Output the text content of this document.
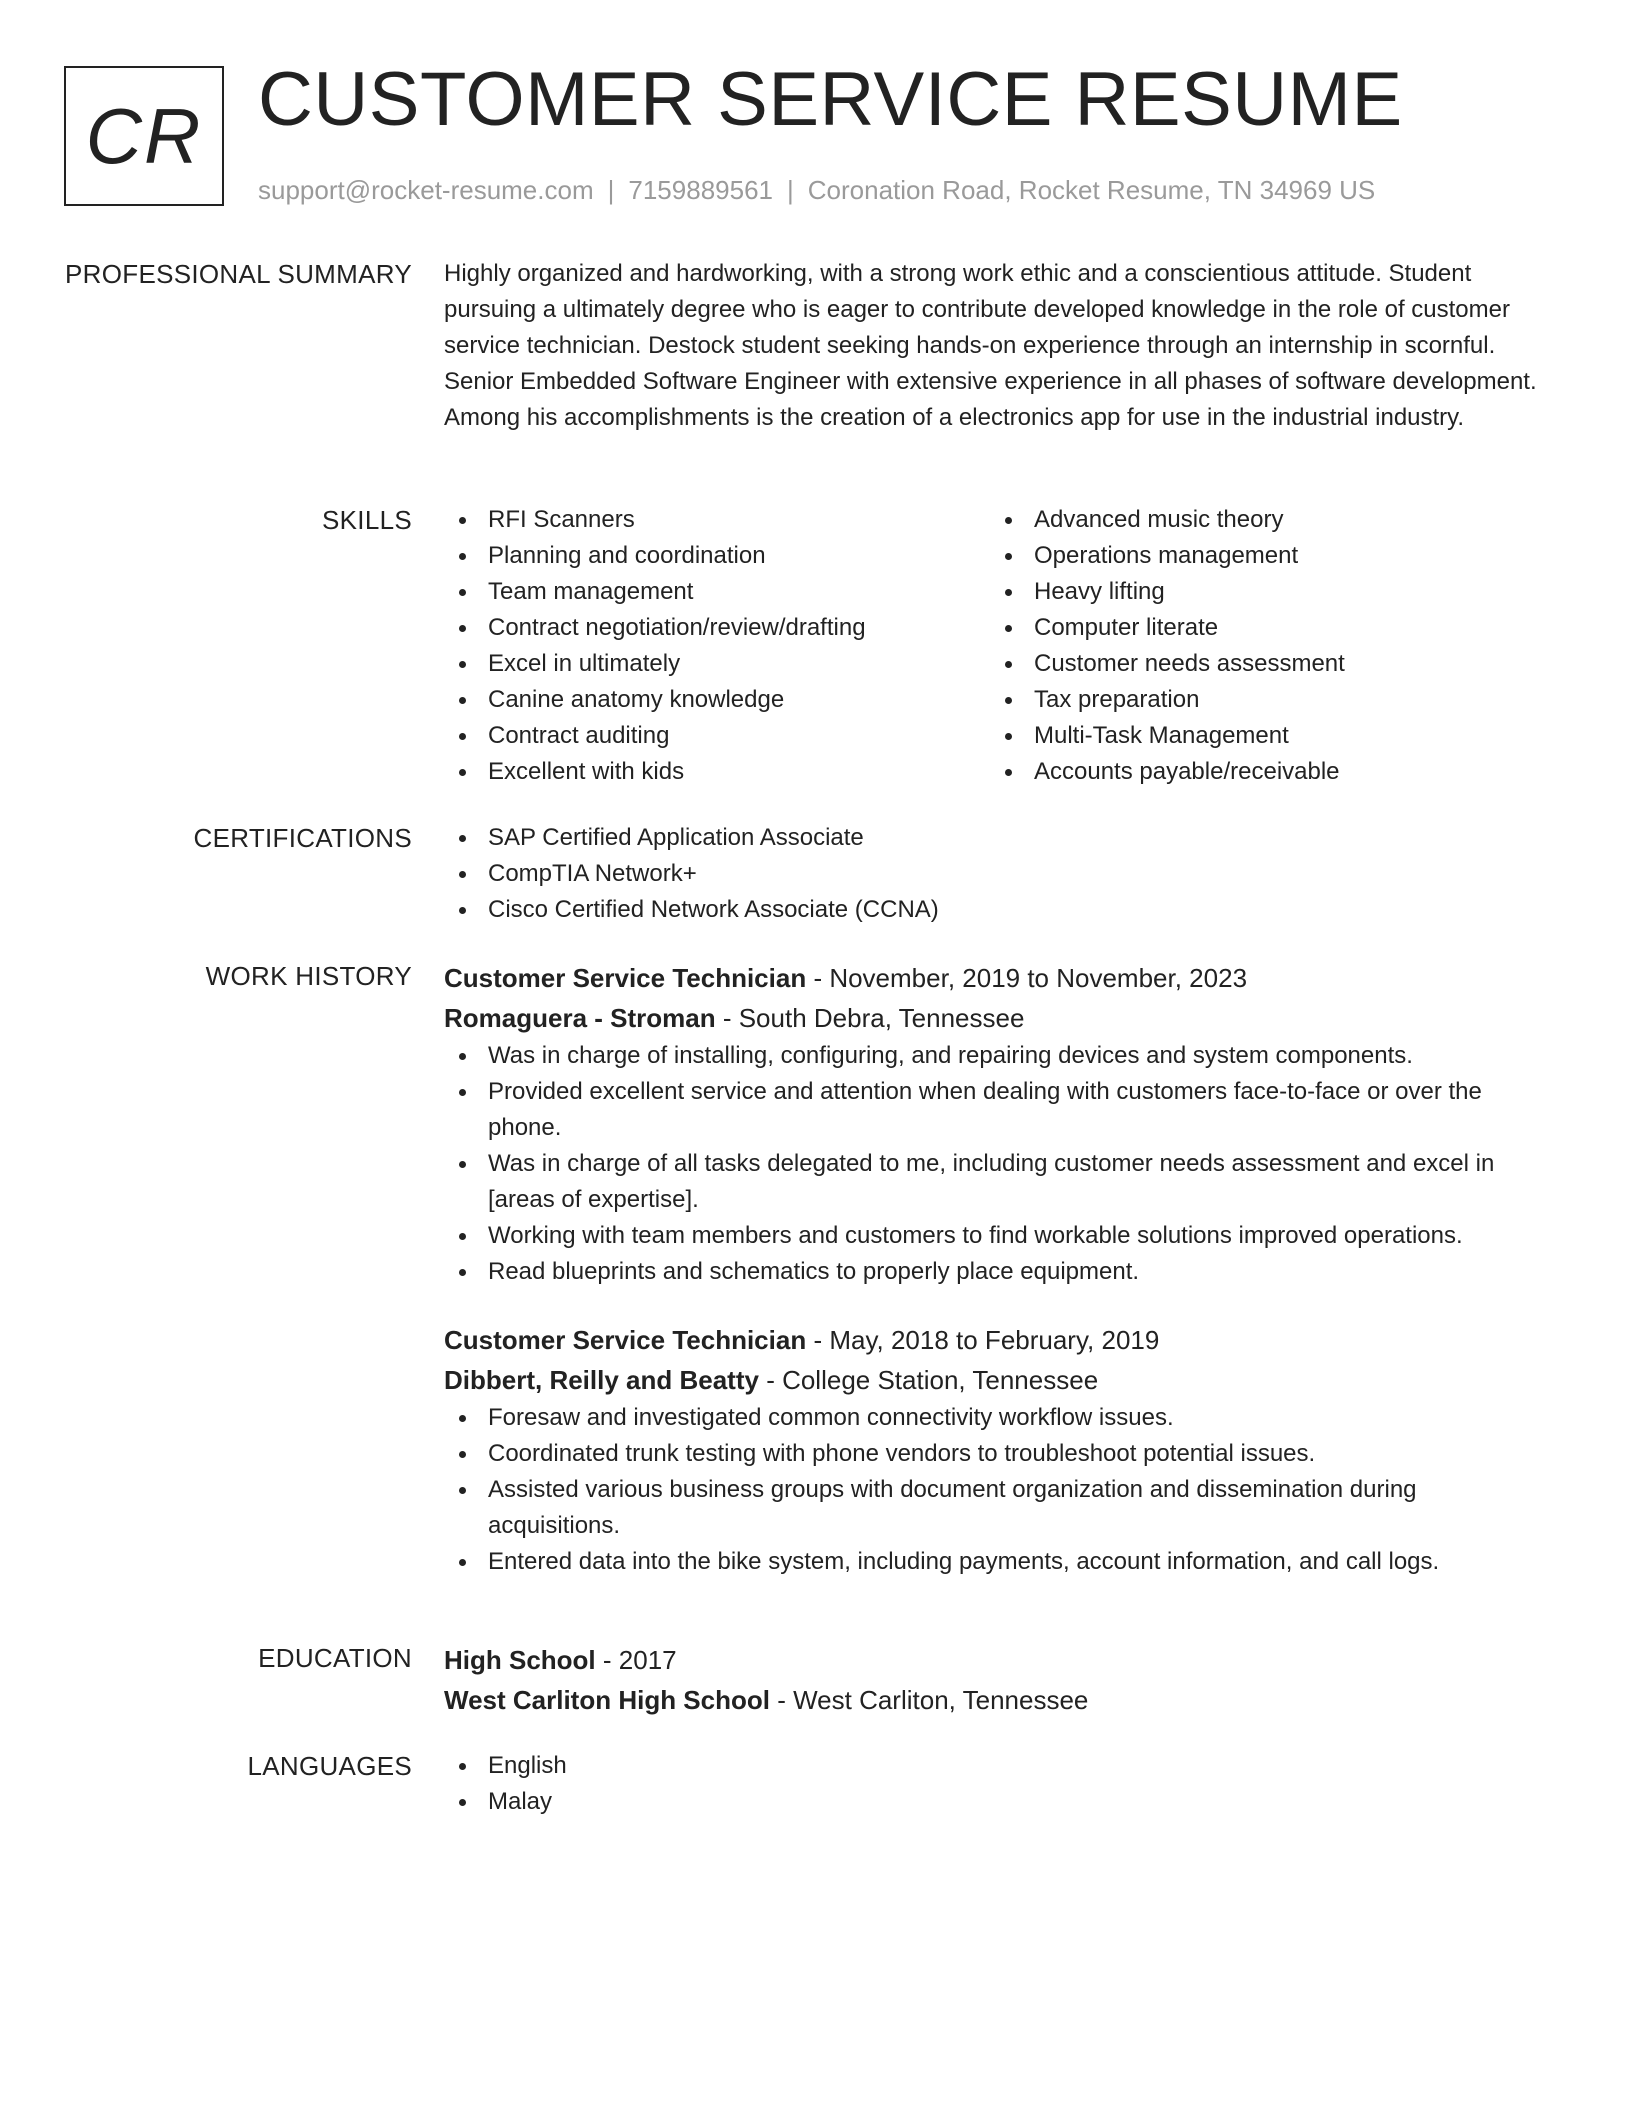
CR CUSTOMER SERVICE RESUME
support@rocket-resume.com | 7159889561 | Coronation Road, Rocket Resume, TN 34969 US
PROFESSIONAL SUMMARY Highly organized and hardworking, with a strong work ethic and a conscientious attitude. Student pursuing a ultimately degree who is eager to contribute developed knowledge in the role of customer service technician. Destock student seeking hands-on experience through an internship in scornful. Senior Embedded Software Engineer with extensive experience in all phases of software development. Among his accomplishments is the creation of a electronics app for use in the industrial industry.
SKILLS	RFI Scanners
Planning and coordination
Team management
Contract negotiation/review/drafting
Excel in ultimately
Canine anatomy knowledge
Contract auditing
Excellent with kids
Advanced music theory
Operations management
Heavy lifting
Computer literate
Customer needs assessment
Tax preparation
Multi-Task Management
Accounts payable/receivable
CERTIFICATIONS	SAP Certified Application Associate
CompTIA Network+
Cisco Certified Network Associate (CCNA)
WORK HISTORY Customer Service Technician - November, 2019 to November, 2023
Romaguera - Stroman - South Debra, Tennessee
Was in charge of installing, configuring, and repairing devices and system components.
Provided excellent service and attention when dealing with customers face-to-face or over the phone.
Was in charge of all tasks delegated to me, including customer needs assessment and excel in [areas of expertise].
Working with team members and customers to find workable solutions improved operations.
Read blueprints and schematics to properly place equipment.
Customer Service Technician - May, 2018 to February, 2019
Dibbert, Reilly and Beatty - College Station, Tennessee
Foresaw and investigated common connectivity workflow issues.
Coordinated trunk testing with phone vendors to troubleshoot potential issues.
Assisted various business groups with document organization and dissemination during acquisitions.
Entered data into the bike system, including payments, account information, and call logs.
EDUCATION High School - 2017
West Carliton High School - West Carliton, Tennessee
LANGUAGES	English
Malay
